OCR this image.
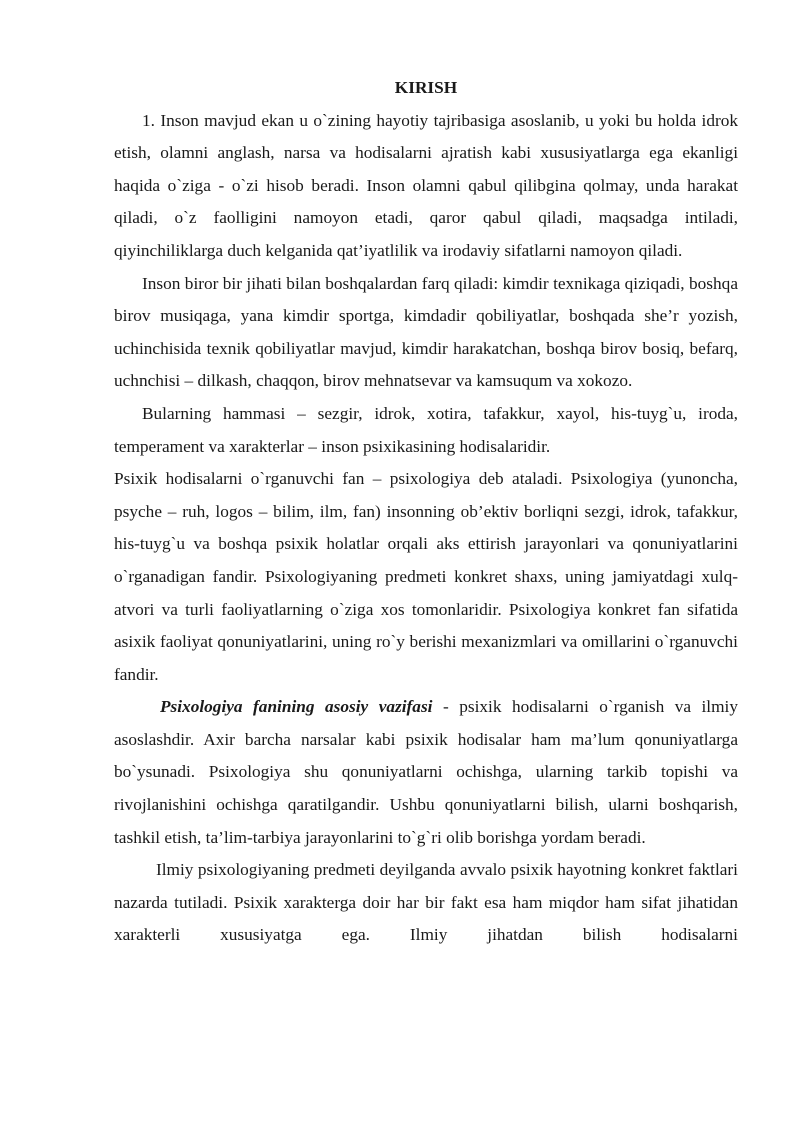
KIRISH

1. Inson mavjud ekan u o`zining hayotiy tajribasiga asoslanib, u yoki bu holda idrok etish, olamni anglash, narsa va hodisalarni ajratish kabi xususiyatlarga ega ekanligi haqida o`ziga - o`zi hisob beradi. Inson olamni qabul qilibgina qolmay, unda harakat qiladi, o`z faolligini namoyon etadi, qaror qabul qiladi, maqsadga intiladi, qiyinchiliklarga duch kelganida qat’iyatlilik va irodaviy sifatlarni namoyon qiladi.

Inson biror bir jihati bilan boshqalardan farq qiladi: kimdir texnikaga qiziqadi, boshqa birov musiqaga, yana kimdir sportga, kimdadir qobiliyatlar, boshqada she’r yozish, uchinchisida texnik qobiliyatlar mavjud, kimdir harakatchan, boshqa birov bosiq, befarq, uchnchisi – dilkash, chaqqon, birov mehnatsevar va kamsuqum va xokozo.

Bularning hammasi – sezgir, idrok, xotira, tafakkur, xayol, his-tuyg`u, iroda, temperament va xarakterlar – inson psixikasining hodisalaridir.

Psixik hodisalarni o`rganuvchi fan – psixologiya deb ataladi. Psixologiya (yunoncha, psyche – ruh, logos – bilim, ilm, fan) insonning ob’ektiv borliqni sezgi, idrok, tafakkur, his-tuyg`u va boshqa psixik holatlar orqali aks ettirish jarayonlari va qonuniyatlarini o`rganadigan fandir. Psixologiyaning predmeti konkret shaxs, uning jamiyatdagi xulq-atvori va turli faoliyatlarning o`ziga xos tomonlaridir. Psixologiya konkret fan sifatida asixik faoliyat qonuniyatlarini, uning ro`y berishi mexanizmlari va omillarini o`rganuvchi fandir.

Psixologiya fanining asosiy vazifasi - psixik hodisalarni o`rganish va ilmiy asoslashdir. Axir barcha narsalar kabi psixik hodisalar ham ma’lum qonuniyatlarga bo`ysunadi. Psixologiya shu qonuniyatlarni ochishga, ularning tarkib topishi va rivojlanishini ochishga qaratilgandir. Ushbu qonuniyatlarni bilish, ularni boshqarish, tashkil etish, ta’lim-tarbiya jarayonlarini to`g`ri olib borishga yordam beradi.

Ilmiy psixologiyaning predmeti deyilganda avvalo psixik hayotning konkret faktlari nazarda tutiladi. Psixik xarakterga doir har bir fakt esa ham miqdor ham sifat jihatidan xarakterli xususiyatga ega. Ilmiy jihatdan bilish hodisalarni
